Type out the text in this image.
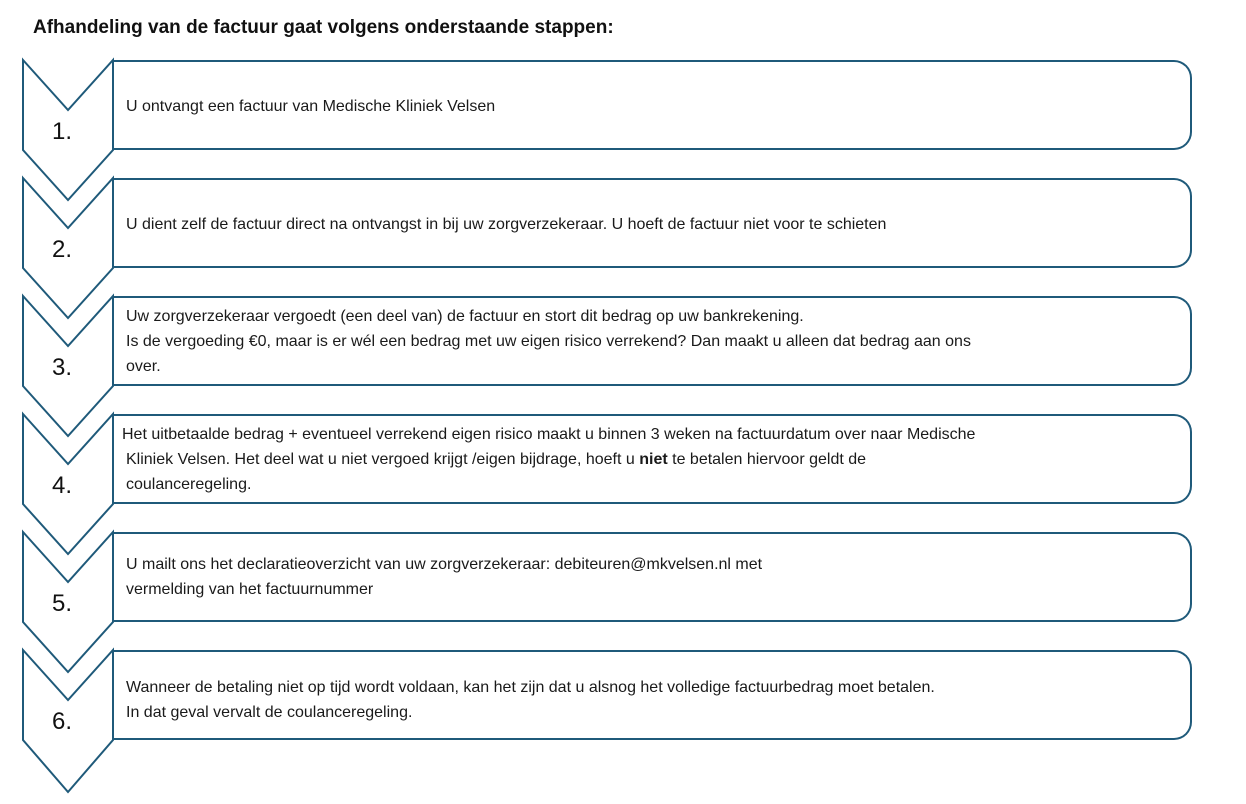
Afhandeling van de factuur gaat volgens onderstaande stappen:
1.
2.
3.
4.
5.
6.

U ontvangt een factuur van Medische Kliniek Velsen

U dient zelf de factuur direct na ontvangst in bij uw zorgverzekeraar. U hoeft de factuur niet voor te schieten

Uw zorgverzekeraar vergoedt (een deel van) de factuur en stort dit bedrag op uw bankrekening.

Is de vergoeding €0, maar is er wél een bedrag met uw eigen risico verrekend? Dan maakt u alleen dat bedrag aan ons

over.

Het uitbetaalde bedrag + eventueel verrekend eigen risico maakt u binnen 3 weken na factuurdatum over naar Medische

Kliniek Velsen. Het deel wat u niet vergoed krijgt /eigen bijdrage, hoeft u niet te betalen hiervoor geldt de

coulanceregeling.

U mailt ons het declaratieoverzicht van uw zorgverzekeraar: debiteuren@mkvelsen.nl met

vermelding van het factuurnummer

Wanneer de betaling niet op tijd wordt voldaan, kan het zijn dat u alsnog het volledige factuurbedrag moet betalen.

In dat geval vervalt de coulanceregeling.
